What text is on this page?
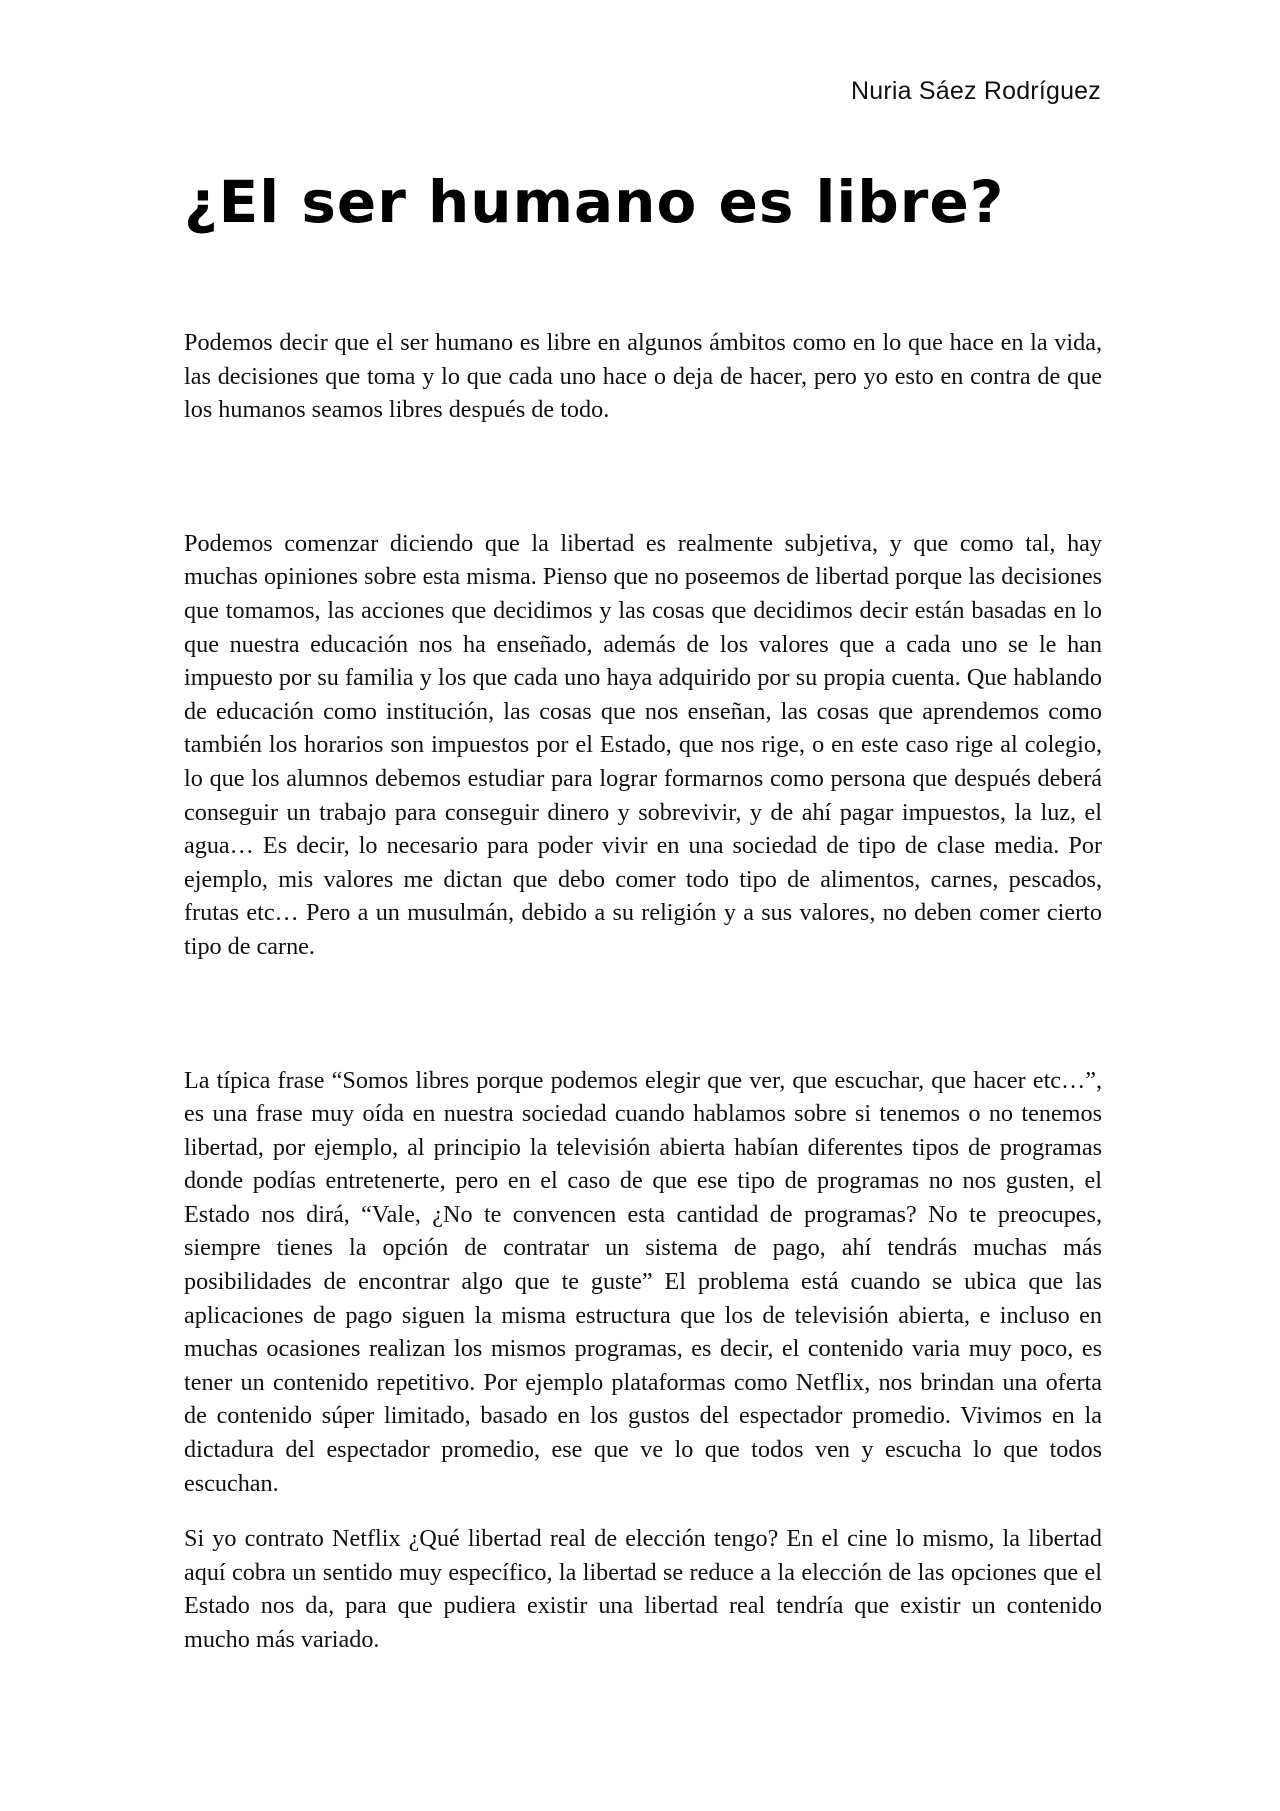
Nuria Sáez Rodríguez
¿El ser humano es libre?

Podemos decir que el ser humano es libre en algunos ámbitos como en lo que hace en la vida, las decisiones que toma y lo que cada uno hace o deja de hacer, pero yo esto en contra de que los humanos seamos libres después de todo.

Podemos comenzar diciendo que la libertad es realmente subjetiva, y que como tal, hay muchas opiniones sobre esta misma. Pienso que no poseemos de libertad porque las decisiones que tomamos, las acciones que decidimos y las cosas que decidimos decir están basadas en lo que nuestra educación nos ha enseñado, además de los valores que a cada uno se le han impuesto por su familia y los que cada uno haya adquirido por su propia cuenta. Que hablando de educación como institución, las cosas que nos enseñan, las cosas que aprendemos como también los horarios son impuestos por el Estado, que nos rige, o en este caso rige al colegio, lo que los alumnos debemos estudiar para lograr formarnos como persona que después deberá conseguir un trabajo para conseguir dinero y sobrevivir, y de ahí pagar impuestos, la luz, el agua… Es decir, lo necesario para poder vivir en una sociedad de tipo de clase media. Por ejemplo, mis valores me dictan que debo comer todo tipo de alimentos, carnes, pescados, frutas etc… Pero a un musulmán, debido a su religión y a sus valores, no deben comer cierto tipo de carne.

La típica frase “Somos libres porque podemos elegir que ver, que escuchar, que hacer etc…”, es una frase muy oída en nuestra sociedad cuando hablamos sobre si tenemos o no tenemos libertad, por ejemplo, al principio la televisión abierta habían diferentes tipos de programas donde podías entretenerte, pero en el caso de que ese tipo de programas no nos gusten, el Estado nos dirá, “Vale, ¿No te convencen esta cantidad de programas? No te preocupes, siempre tienes la opción de contratar un sistema de pago, ahí tendrás muchas más posibilidades de encontrar algo que te guste” El problema está cuando se ubica que las aplicaciones de pago siguen la misma estructura que los de televisión abierta, e incluso en muchas ocasiones realizan los mismos programas, es decir, el contenido varia muy poco, es tener un contenido repetitivo. Por ejemplo plataformas como Netflix, nos brindan una oferta de contenido súper limitado, basado en los gustos del espectador promedio. Vivimos en la dictadura del espectador promedio, ese que ve lo que todos ven y escucha lo que todos escuchan.

Si yo contrato Netflix ¿Qué libertad real de elección tengo? En el cine lo mismo, la libertad aquí cobra un sentido muy específico, la libertad se reduce a la elección de las opciones que el Estado nos da, para que pudiera existir una libertad real tendría que existir un contenido mucho más variado.
